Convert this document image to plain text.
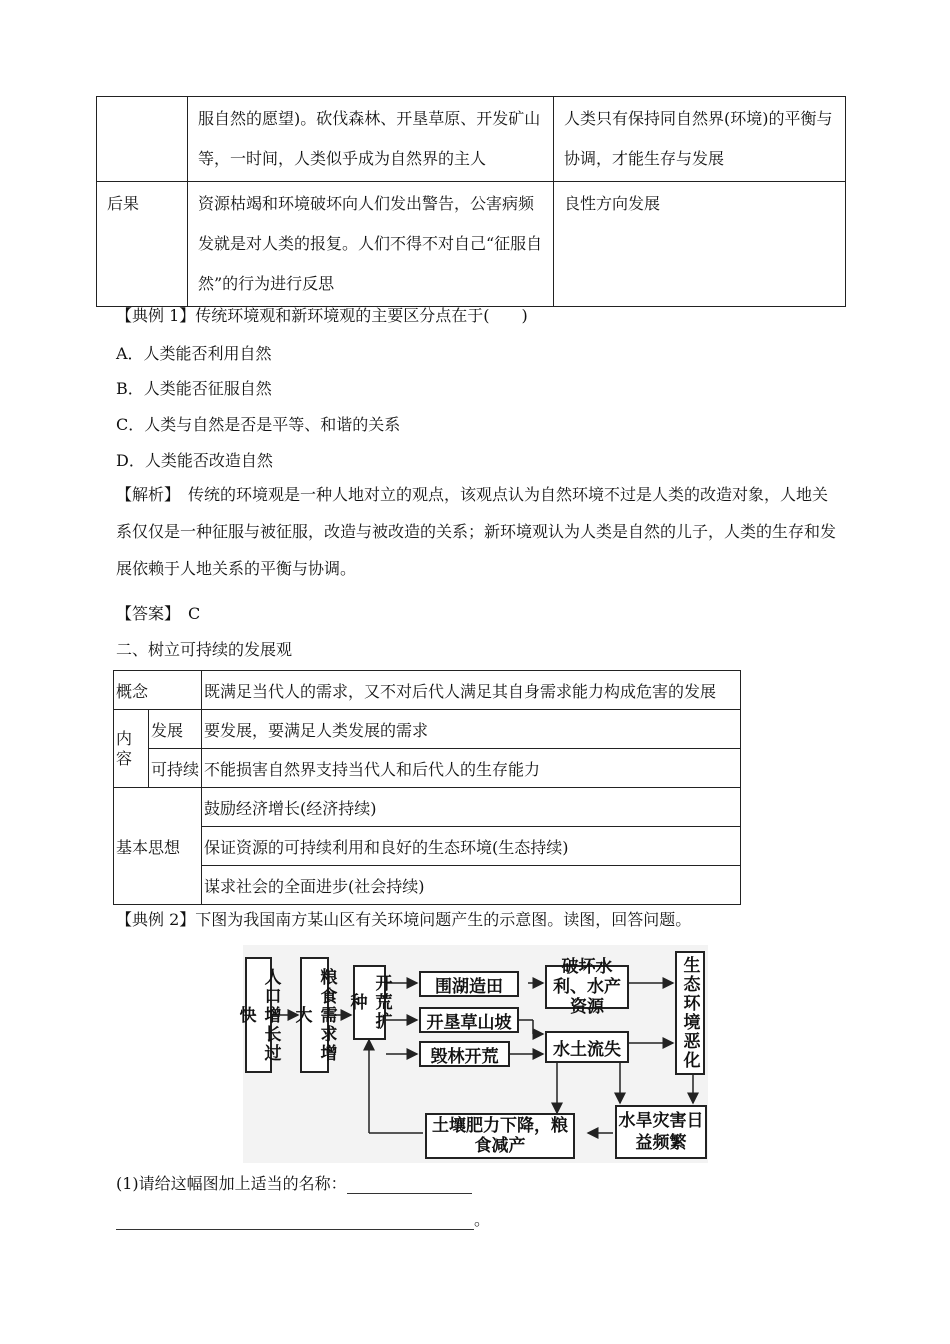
	服自然的愿望)。砍伐森林、开垦草原、开发矿山等，一时间，人类似乎成为自然界的主人	人类只有保持同自然界(环境)的平衡与协调，才能生存与发展
后果	资源枯竭和环境破坏向人们发出警告，公害病频发就是对人类的报复。人们不得不对自己“征服自然”的行为进行反思	良性方向发展
【典例 1】传统环境观和新环境观的主要区分点在于(　　)
A．人类能否利用自然
B．人类能否征服自然
C．人类与自然是否是平等、和谐的关系
D．人类能否改造自然
【解析】　传统的环境观是一种人地对立的观点，该观点认为自然环境不过是人类的改造对象，人地关系仅仅是一种征服与被征服，改造与被改造的关系；新环境观认为人类是自然的儿子，人类的生存和发展依赖于人地关系的平衡与协调。
【答案】　C
二、树立可持续的发展观
概念		既满足当代人的需求，又不对后代人满足其自身需求能力构成危害的发展
内容	发展	要发展，要满足人类发展的需求
	可持续	不能损害自然界支持当代人和后代人的生存能力
基本思想		鼓励经济增长(经济持续)
		保证资源的可持续利用和良好的生态环境(生态持续)
		谋求社会的全面进步(社会持续)
【典例 2】下图为我国南方某山区有关环境问题产生的示意图。读图，回答问题。
人口增长过快	粮食需求增大	开荒扩种
围湖造田
开垦草山坡
毁林开荒
破坏水利、水产资源
水土流失	生态环境恶化
土壤肥力下降，粮食减产
水旱灾害日益频繁
(1)请给这幅图加上适当的名称：
。
